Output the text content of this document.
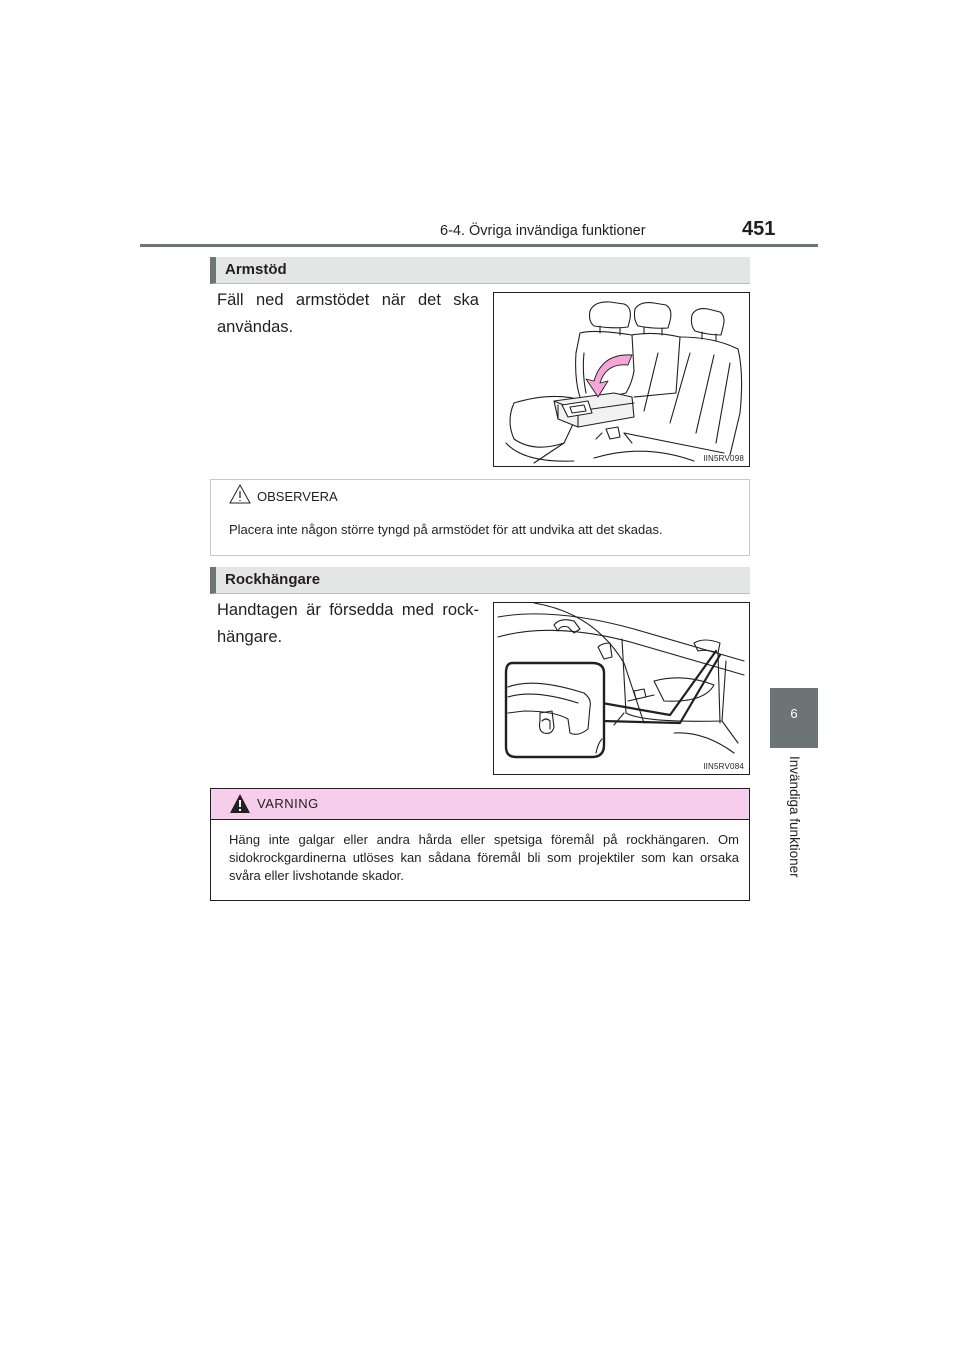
6-4. Övriga invändiga funktioner	451
6
Invändiga funktioner
Armstöd
Fäll ned armstödet när det ska användas.
IIN5RV098
OBSERVERA
Placera inte någon större tyngd på armstödet för att undvika att det skadas.
Rockhängare
Handtagen är försedda med rock-hängare.
IIN5RV084
VARNING
Häng inte galgar eller andra hårda eller spetsiga föremål på rockhängaren. Om sidokrockgardinerna utlöses kan sådana föremål bli som projektiler som kan orsaka svåra eller livshotande skador.
